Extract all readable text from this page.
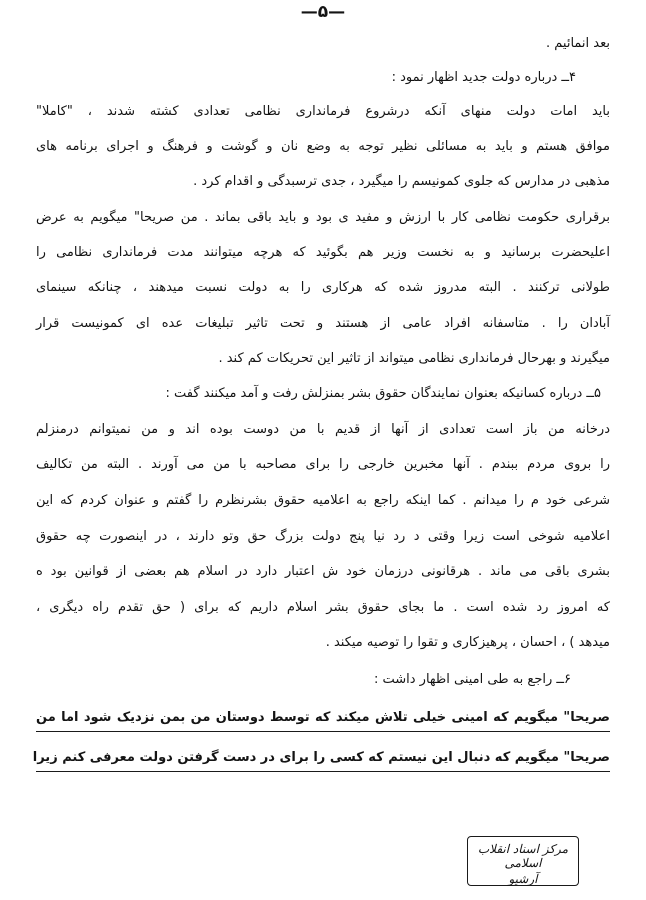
—۵—
بعد انمائیم .
۴ــ درباره دولت جدید اظهار نمود :
باید امات دولت منهای آنکه درشروع فرماندارى نظامى تعدادى کشته شدند ، "کاملا"
موافق هستم و باید به مسائلى نظیر توجه به وضع نان و گوشت و فرهنگ و اجراى برنامه هاى
مذهبى در مدارس که جلوى کمونیسم را میگیرد ، جدى ترسبدگى و اقدام کرد .
برقرارى حکومت نظامى کار با ارزش و مفید ى بود و باید باقى بماند . من صریحا" میگویم به عرض
اعلیحضرت برسانید و به نخست وزیر هم بگوئید که هرچه میتوانند مدت فرماندارى نظامى را
طولانى ترکنند . البته مدروز شده که هرکارى را به دولت نسبت میدهند ، چنانکه سینماى
آبادان را . متاسفانه افراد عامى از هستند و تحت تاثیر تبلیغات عده اى کمونیست قرار
میگیرند و بهرحال فرماندارى نظامى میتواند از تاثیر این تحریکات کم کند .
۵ــ درباره کسانیکه بعنوان نمایندگان حقوق بشر بمنزلش رفت و آمد میکنند گفت :
درخانه من باز است تعدادى از آنها از قدیم با من دوست بوده اند و من نمیتوانم درمنزلم
را بروى مردم ببندم . آنها مخبرین خارجى را براى مصاحبه با من مى آورند . البته من تکالیف
شرعى خود م را میدانم . کما اینکه راجع به اعلامیه حقوق بشرنظرم را گفتم و عنوان کردم که این
اعلامیه شوخى است زیرا وقتى د رد نیا پنج دولت بزرگ حق وتو دارند ، در اینصورت چه حقوق
بشرى باقى مى ماند . هرقانونى درزمان خود ش اعتبار دارد در اسلام هم بعضى از قوانین بود ه
که امروز رد شده است . ما بجاى حقوق بشر اسلام داریم که براى ( حق تقدم راه دیگرى ،
میدهد ) ، احسان ، پرهیزکارى و تقوا را توصیه میکند .
۶ــ راجع به طی امینی اظهار داشت :
صریحا" میگویم که امینی خیلی تلاش میکند که توسط دوستان من بمن نزدیک شود اما من
صریحا" میگویم که دنبال این نیستم که کسی را برای در دست گرفتن دولت معرفی کنم زیرا
مرکز اسناد انقلاب اسلامی
آرشیو
